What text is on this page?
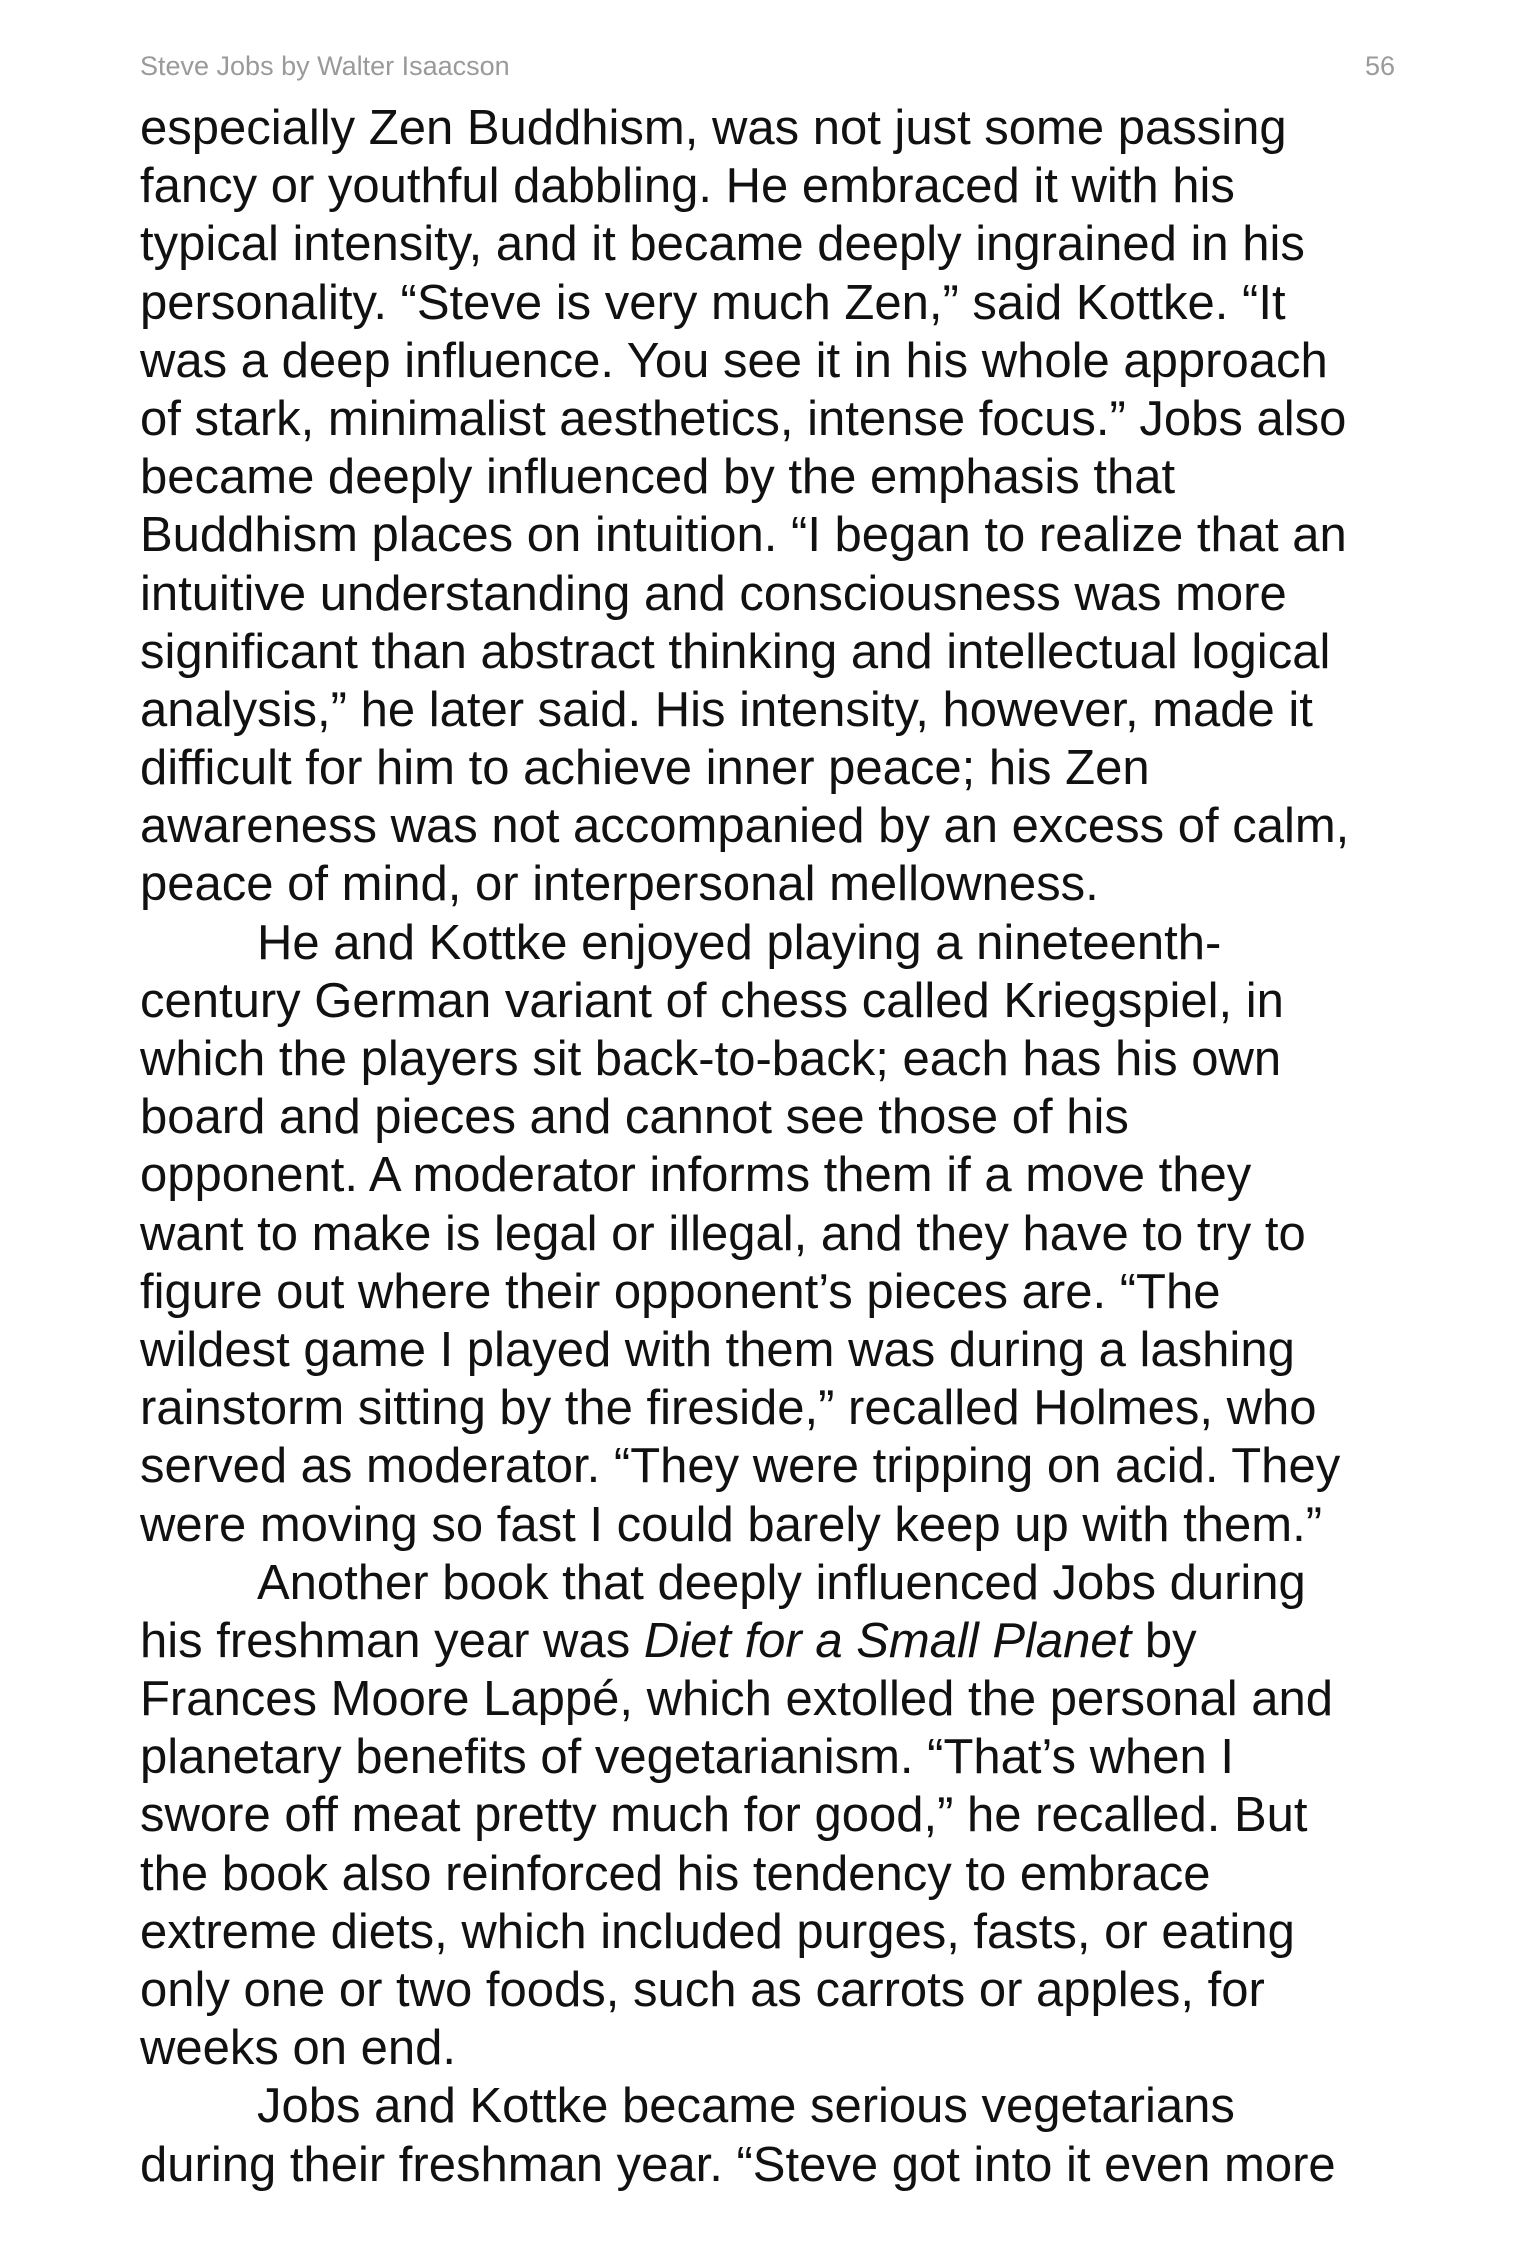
Steve Jobs by Walter Isaacson	56
especially Zen Buddhism, was not just some passing
fancy or youthful dabbling. He embraced it with his
typical intensity, and it became deeply ingrained in his
personality. “Steve is very much Zen,” said Kottke. “It
was a deep influence. You see it in his whole approach
of stark, minimalist aesthetics, intense focus.” Jobs also
became deeply influenced by the emphasis that
Buddhism places on intuition. “I began to realize that an
intuitive understanding and consciousness was more
significant than abstract thinking and intellectual logical
analysis,” he later said. His intensity, however, made it
difficult for him to achieve inner peace; his Zen
awareness was not accompanied by an excess of calm,
peace of mind, or interpersonal mellowness.
He and Kottke enjoyed playing a nineteenth-
century German variant of chess called Kriegspiel, in
which the players sit back-to-back; each has his own
board and pieces and cannot see those of his
opponent. A moderator informs them if a move they
want to make is legal or illegal, and they have to try to
figure out where their opponent’s pieces are. “The
wildest game I played with them was during a lashing
rainstorm sitting by the fireside,” recalled Holmes, who
served as moderator. “They were tripping on acid. They
were moving so fast I could barely keep up with them.”
Another book that deeply influenced Jobs during
his freshman year was Diet for a Small Planet by
Frances Moore Lappé, which extolled the personal and
planetary benefits of vegetarianism. “That’s when I
swore off meat pretty much for good,” he recalled. But
the book also reinforced his tendency to embrace
extreme diets, which included purges, fasts, or eating
only one or two foods, such as carrots or apples, for
weeks on end.
Jobs and Kottke became serious vegetarians
during their freshman year. “Steve got into it even more
